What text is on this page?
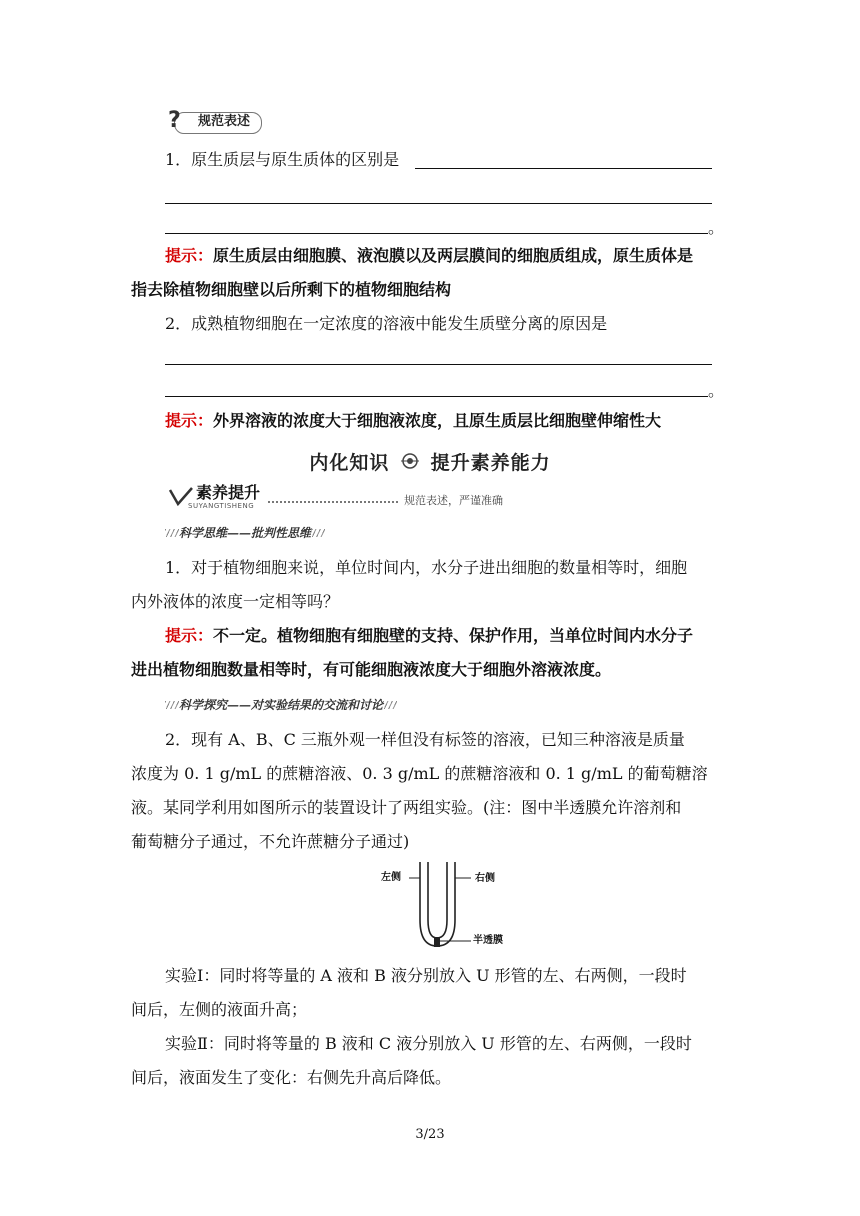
?	规范表述
1．原生质层与原生质体的区别是
。
提示：原生质层由细胞膜、液泡膜以及两层膜间的细胞质组成，原生质体是
指去除植物细胞壁以后所剩下的植物细胞结构
2．成熟植物细胞在一定浓度的溶液中能发生质壁分离的原因是
。
提示：外界溶液的浓度大于细胞液浓度，且原生质层比细胞壁伸缩性大
内化知识 提升素养能力
素养提升
SUYANGTISHENG	规范表述，严谨准确
科学思维——批判性思维
1．对于植物细胞来说，单位时间内，水分子进出细胞的数量相等时，细胞
内外液体的浓度一定相等吗？
提示：不一定。植物细胞有细胞壁的支持、保护作用，当单位时间内水分子
进出植物细胞数量相等时，有可能细胞液浓度大于细胞外溶液浓度。
科学探究——对实验结果的交流和讨论
2．现有 A、B、C 三瓶外观一样但没有标签的溶液，已知三种溶液是质量
浓度为 0. 1 g/mL 的蔗糖溶液、0. 3 g/mL 的蔗糖溶液和 0. 1 g/mL 的葡萄糖溶
液。某同学利用如图所示的装置设计了两组实验。(注：图中半透膜允许溶剂和
葡萄糖分子通过，不允许蔗糖分子通过)
左侧	右侧
半透膜
实验Ⅰ：同时将等量的 A 液和 B 液分别放入 U 形管的左、右两侧，一段时
间后，左侧的液面升高；
实验Ⅱ：同时将等量的 B 液和 C 液分别放入 U 形管的左、右两侧，一段时
间后，液面发生了变化：右侧先升高后降低。
3/23
